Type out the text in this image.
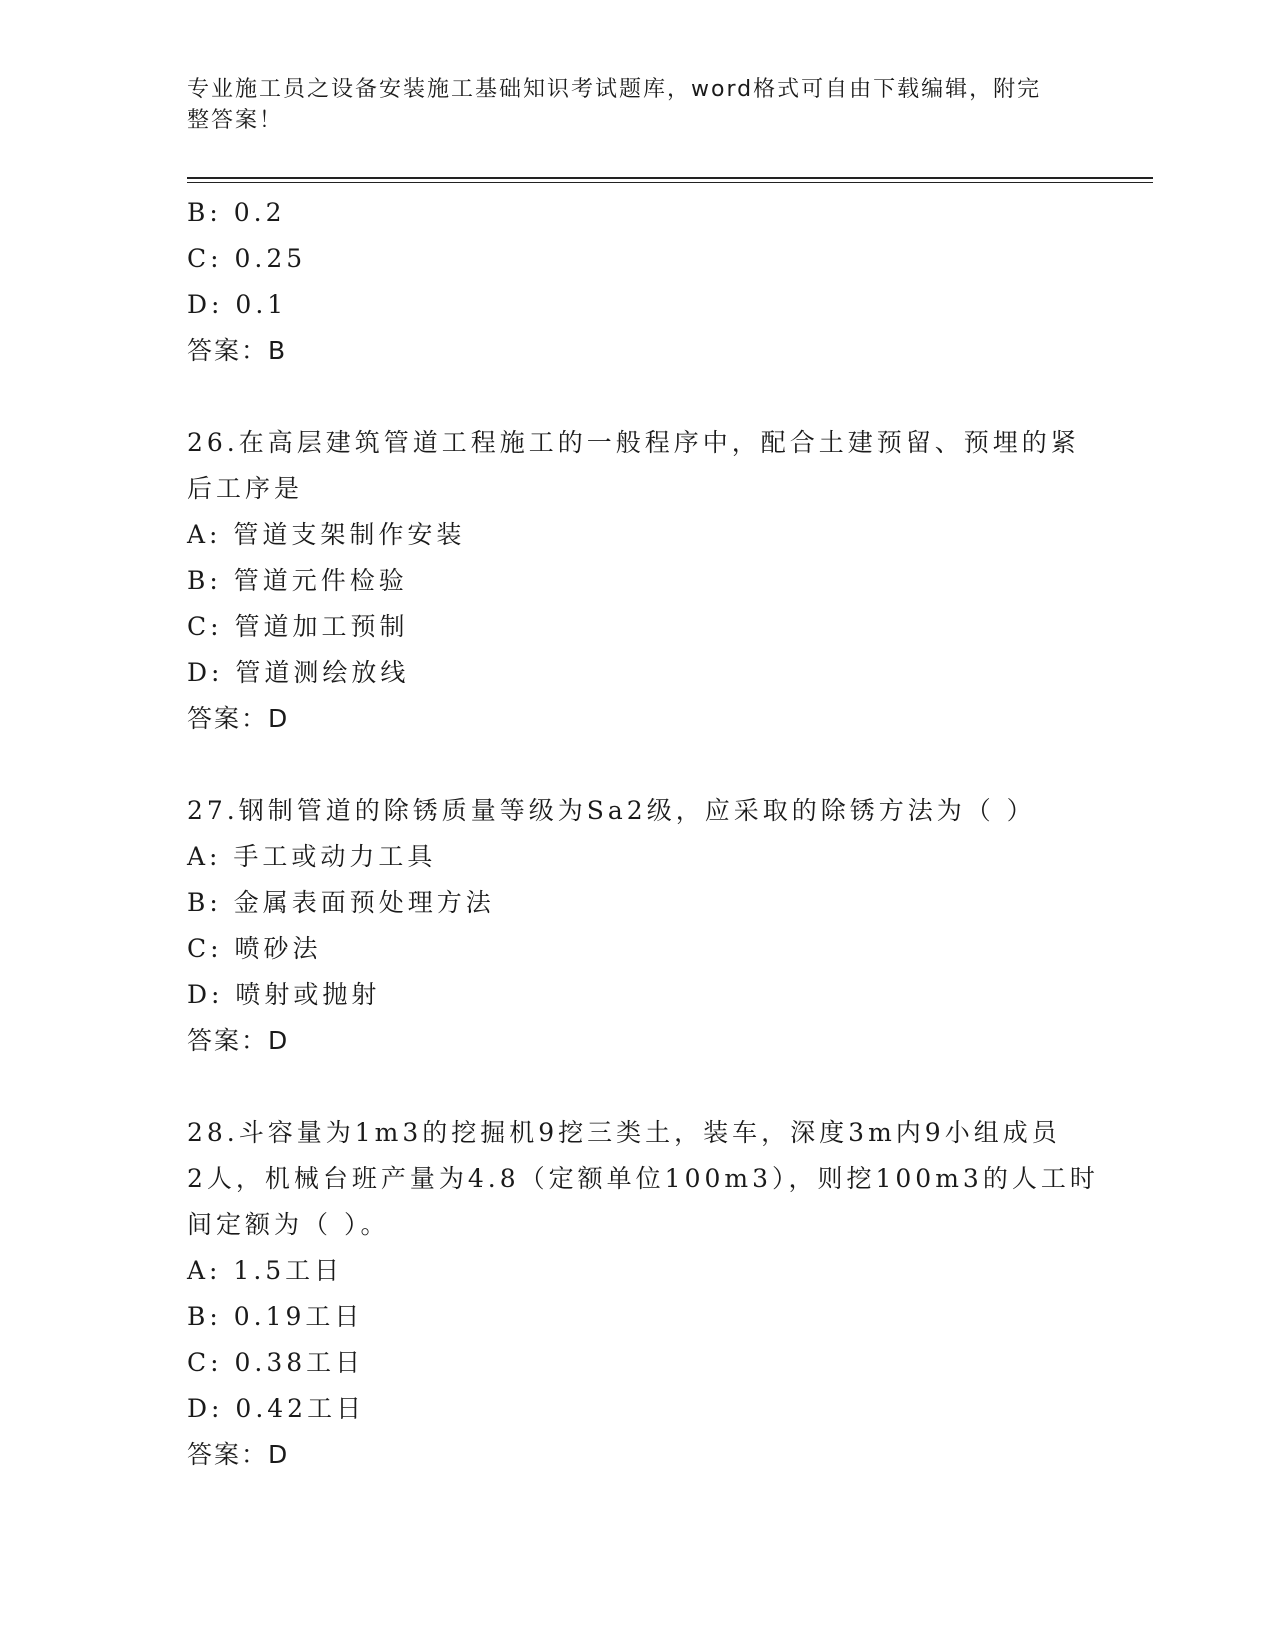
专业施工员之设备安装施工基础知识考试题库，word格式可自由下载编辑，附完
整答案！
B: 0.2
C: 0.25
D: 0.1
答案：B
26.在高层建筑管道工程施工的一般程序中，配合土建预留、预埋的紧
后工序是
A: 管道支架制作安装
B: 管道元件检验
C: 管道加工预制
D: 管道测绘放线
答案：D
27.钢制管道的除锈质量等级为Sa2级，应采取的除锈方法为（ ）
A: 手工或动力工具
B: 金属表面预处理方法
C: 喷砂法
D: 喷射或抛射
答案：D
28.斗容量为1m3的挖掘机9挖三类土，装车，深度3m内9小组成员
2人，机械台班产量为4.8（定额单位100m3），则挖100m3的人工时
间定额为（ ）。
A: 1.5工日
B: 0.19工日
C: 0.38工日
D: 0.42工日
答案：D
